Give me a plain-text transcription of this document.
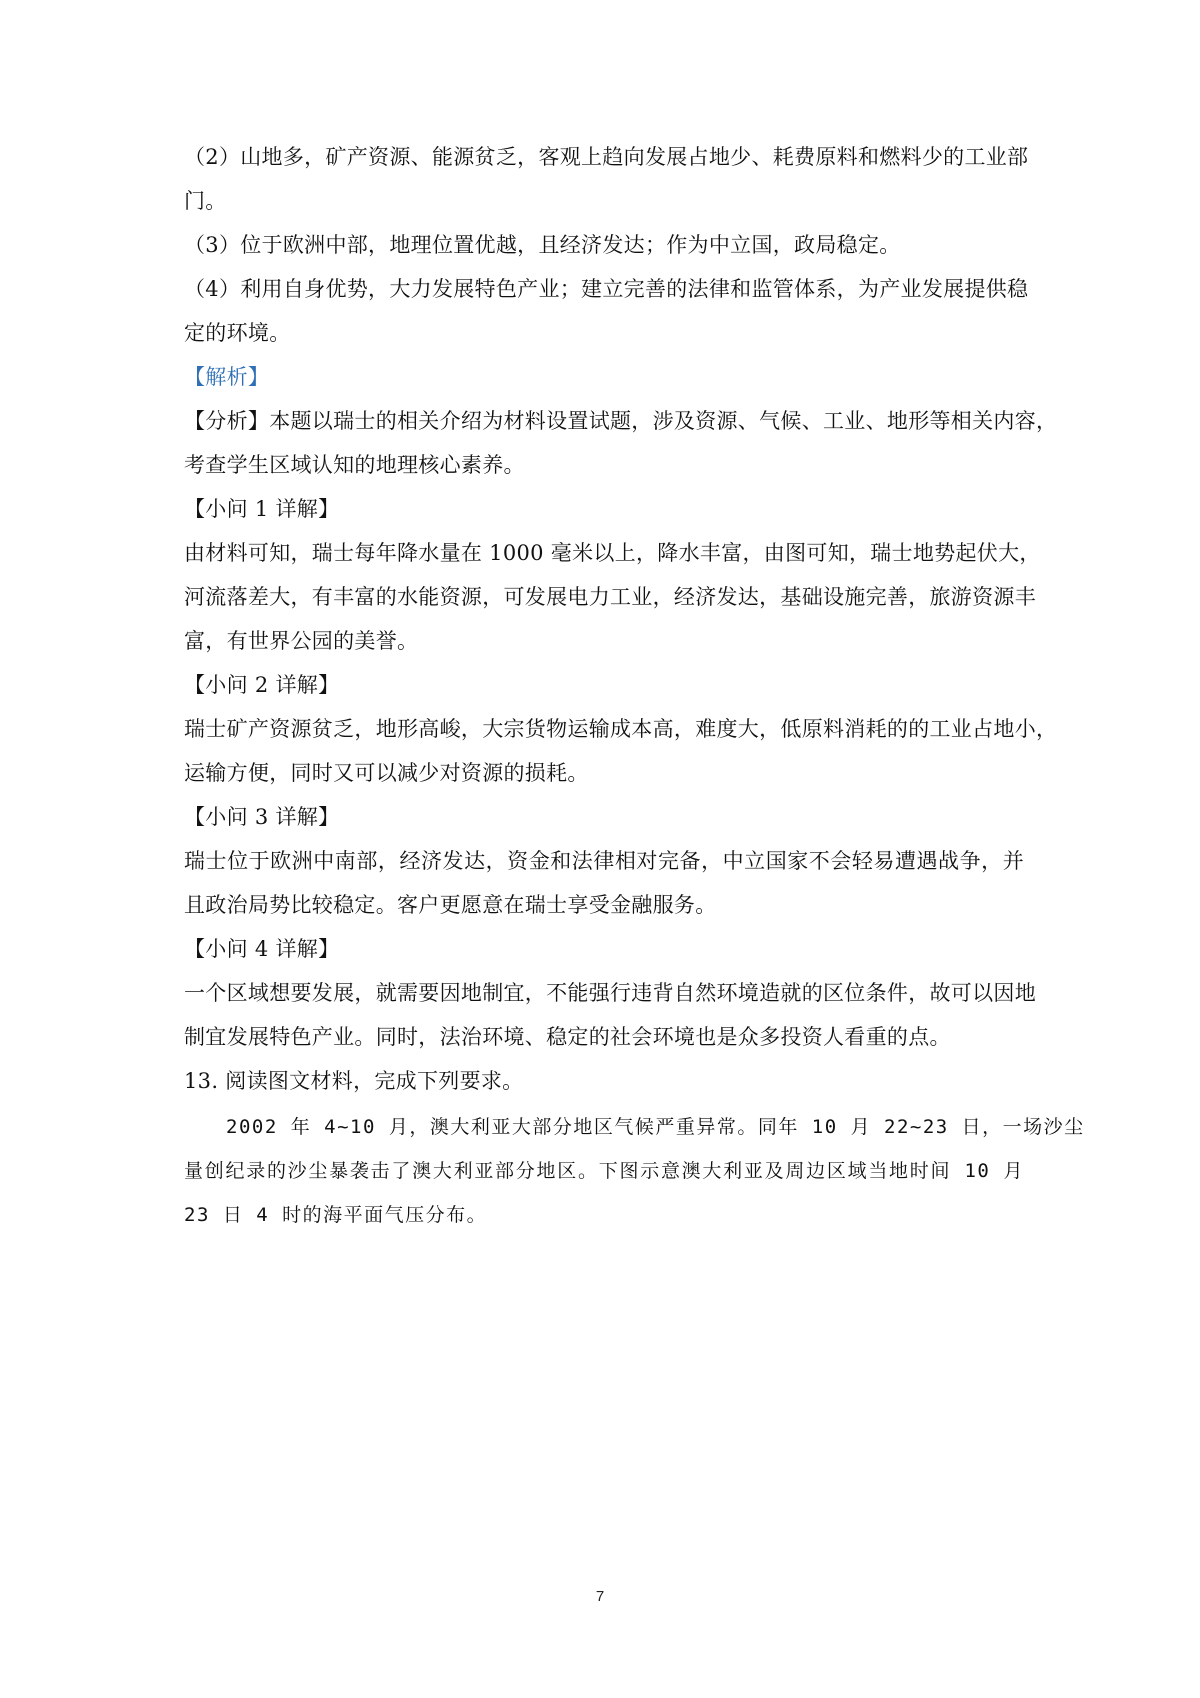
（2）山地多，矿产资源、能源贫乏，客观上趋向发展占地少、耗费原料和燃料少的工业部
门。
（3）位于欧洲中部，地理位置优越，且经济发达；作为中立国，政局稳定。
（4）利用自身优势，大力发展特色产业；建立完善的法律和监管体系，为产业发展提供稳
定的环境。
【解析】
【分析】本题以瑞士的相关介绍为材料设置试题，涉及资源、气候、工业、地形等相关内容，
考查学生区域认知的地理核心素养。
【小问 1 详解】
由材料可知，瑞士每年降水量在 1000 毫米以上，降水丰富，由图可知，瑞士地势起伏大，
河流落差大，有丰富的水能资源，可发展电力工业，经济发达，基础设施完善，旅游资源丰
富，有世界公园的美誉。
【小问 2 详解】
瑞士矿产资源贫乏，地形高峻，大宗货物运输成本高，难度大，低原料消耗的的工业占地小，
运输方便，同时又可以减少对资源的损耗。
【小问 3 详解】
瑞士位于欧洲中南部，经济发达，资金和法律相对完备，中立国家不会轻易遭遇战争，并
且政治局势比较稳定。客户更愿意在瑞士享受金融服务。
【小问 4 详解】
一个区域想要发展，就需要因地制宜，不能强行违背自然环境造就的区位条件，故可以因地
制宜发展特色产业。同时，法治环境、稳定的社会环境也是众多投资人看重的点。
13. 阅读图文材料，完成下列要求。
2002 年 4~10 月，澳大利亚大部分地区气候严重异常。同年 10 月 22~23 日，一场沙尘
量创纪录的沙尘暴袭击了澳大利亚部分地区。下图示意澳大利亚及周边区域当地时间 10 月
23 日 4 时的海平面气压分布。
7
